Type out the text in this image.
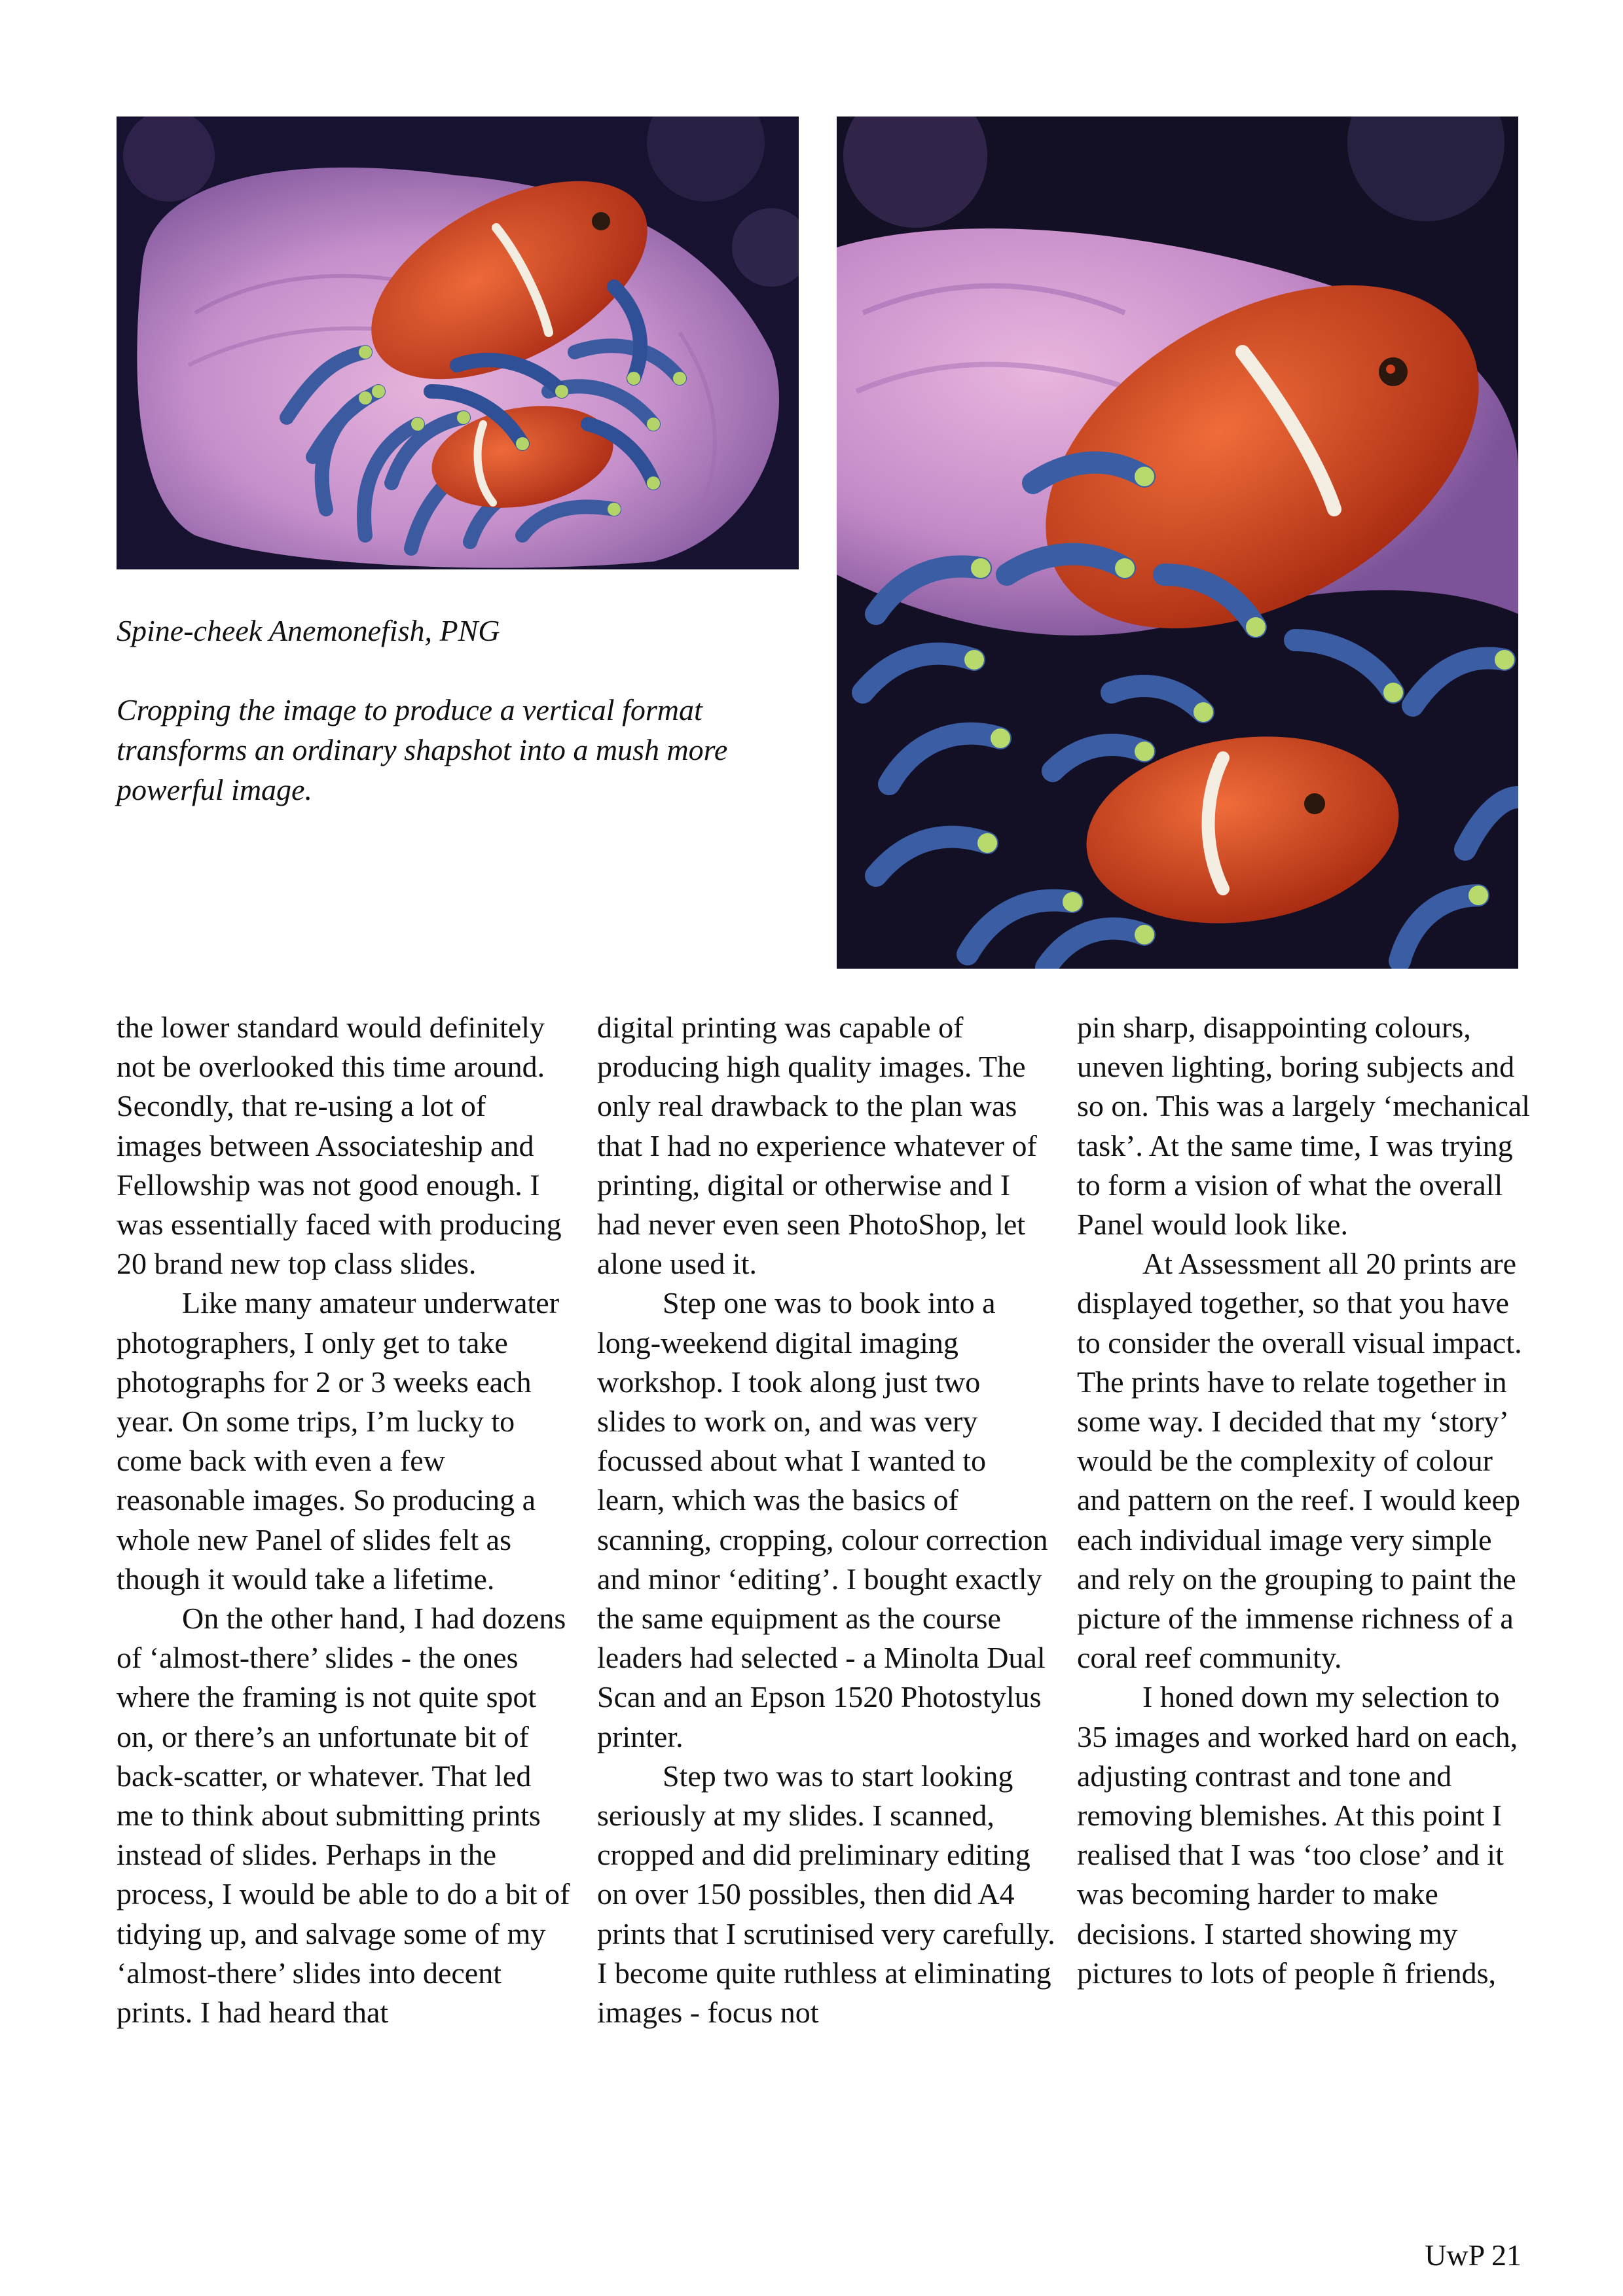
Spine-cheek Anemonefish, PNG

Cropping the image to produce a vertical format transforms an ordinary shapshot into a mush more powerful image.

the lower standard would definitely not be overlooked this time around. Secondly, that re-using a lot of images between Associateship and Fellowship was not good enough. I was essentially faced with producing 20 brand new top class slides.

Like many amateur underwater photographers, I only get to take photographs for 2 or 3 weeks each year. On some trips, I’m lucky to come back with even a few reasonable images. So producing a whole new Panel of slides felt as though it would take a lifetime.

On the other hand, I had dozens of ‘almost-there’ slides - the ones where the framing is not quite spot on, or there’s an unfortunate bit of back-scatter, or whatever. That led me to think about submitting prints instead of slides. Perhaps in the process, I would be able to do a bit of tidying up, and salvage some of my ‘almost-there’ slides into decent prints. I had heard that

digital printing was capable of producing high quality images. The only real drawback to the plan was that I had no experience whatever of printing, digital or otherwise and I had never even seen PhotoShop, let alone used it.

Step one was to book into a long-weekend digital imaging workshop. I took along just two slides to work on, and was very focussed about what I wanted to learn, which was the basics of scanning, cropping, colour correction and minor ‘editing’. I bought exactly the same equipment as the course leaders had selected - a Minolta Dual Scan and an Epson 1520 Photostylus printer.

Step two was to start looking seriously at my slides. I scanned, cropped and did preliminary editing on over 150 possibles, then did A4 prints that I scrutinised very carefully. I become quite ruthless at eliminating images - focus not

pin sharp, disappointing colours, uneven lighting, boring subjects and so on. This was a largely ‘mechanical task’. At the same time, I was trying to form a vision of what the overall Panel would look like.

At Assessment all 20 prints are displayed together, so that you have to consider the overall visual impact. The prints have to relate together in some way. I decided that my ‘story’ would be the complexity of colour and pattern on the reef. I would keep each individual image very simple and rely on the grouping to paint the picture of the immense richness of a coral reef community.

I honed down my selection to 35 images and worked hard on each, adjusting contrast and tone and removing blemishes. At this point I realised that I was ‘too close’ and it was becoming harder to make decisions. I started showing my pictures to lots of people ñ friends,

UwP 21
